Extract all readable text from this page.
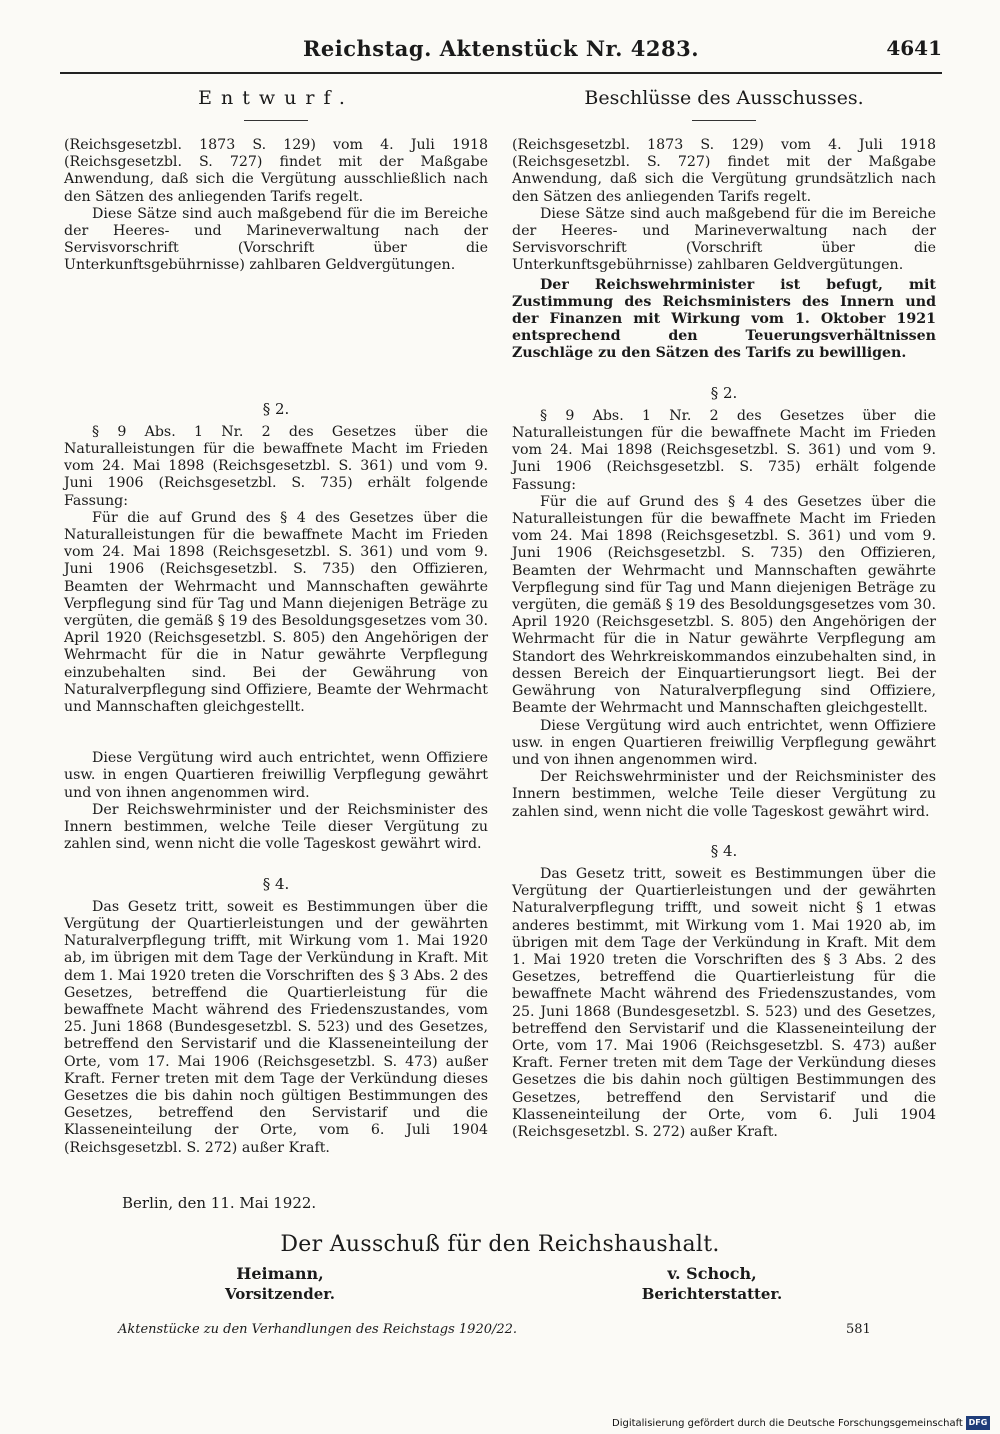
Reichstag. Aktenstück Nr. 4283.	4641
Entwurf.

(Reichsgesetzbl. 1873 S. 129) vom 4. Juli 1918 (Reichsgesetzbl. S. 727) findet mit der Maßgabe Anwendung, daß sich die Vergütung ausschließlich nach den Sätzen des anliegenden Tarifs regelt.

Diese Sätze sind auch maßgebend für die im Bereiche der Heeres- und Marineverwaltung nach der Servisvorschrift (Vorschrift über die Unterkunftsgebührnisse) zahlbaren Geldvergütungen.

§ 2.

§ 9 Abs. 1 Nr. 2 des Gesetzes über die Naturalleistungen für die bewaffnete Macht im Frieden vom 24. Mai 1898 (Reichsgesetzbl. S. 361) und vom 9. Juni 1906 (Reichsgesetzbl. S. 735) erhält folgende Fassung:

Für die auf Grund des § 4 des Gesetzes über die Naturalleistungen für die bewaffnete Macht im Frieden vom 24. Mai 1898 (Reichsgesetzbl. S. 361) und vom 9. Juni 1906 (Reichsgesetzbl. S. 735) den Offizieren, Beamten der Wehrmacht und Mannschaften gewährte Verpflegung sind für Tag und Mann diejenigen Beträge zu vergüten, die gemäß § 19 des Besoldungsgesetzes vom 30. April 1920 (Reichsgesetzbl. S. 805) den Angehörigen der Wehrmacht für die in Natur gewährte Verpflegung einzubehalten sind. Bei der Gewährung von Naturalverpflegung sind Offiziere, Beamte der Wehrmacht und Mannschaften gleichgestellt.

Diese Vergütung wird auch entrichtet, wenn Offiziere usw. in engen Quartieren freiwillig Verpflegung gewährt und von ihnen angenommen wird.

Der Reichswehrminister und der Reichsminister des Innern bestimmen, welche Teile dieser Vergütung zu zahlen sind, wenn nicht die volle Tageskost gewährt wird.

§ 4.

Das Gesetz tritt, soweit es Bestimmungen über die Vergütung der Quartierleistungen und der gewährten Naturalverpflegung trifft, mit Wirkung vom 1. Mai 1920 ab, im übrigen mit dem Tage der Verkündung in Kraft. Mit dem 1. Mai 1920 treten die Vorschriften des § 3 Abs. 2 des Gesetzes, betreffend die Quartierleistung für die bewaffnete Macht während des Friedenszustandes, vom 25. Juni 1868 (Bundesgesetzbl. S. 523) und des Gesetzes, betreffend den Servistarif und die Klasseneinteilung der Orte, vom 17. Mai 1906 (Reichsgesetzbl. S. 473) außer Kraft. Ferner treten mit dem Tage der Verkündung dieses Gesetzes die bis dahin noch gültigen Bestimmungen des Gesetzes, betreffend den Servistarif und die Klasseneinteilung der Orte, vom 6. Juli 1904 (Reichsgesetzbl. S. 272) außer Kraft.

Beschlüsse des Ausschusses.

(Reichsgesetzbl. 1873 S. 129) vom 4. Juli 1918 (Reichsgesetzbl. S. 727) findet mit der Maßgabe Anwendung, daß sich die Vergütung grundsätzlich nach den Sätzen des anliegenden Tarifs regelt.

Diese Sätze sind auch maßgebend für die im Bereiche der Heeres- und Marineverwaltung nach der Servisvorschrift (Vorschrift über die Unterkunftsgebührnisse) zahlbaren Geldvergütungen.

Der Reichswehrminister ist befugt, mit Zustimmung des Reichsministers des Innern und der Finanzen mit Wirkung vom 1. Oktober 1921 entsprechend den Teuerungsverhältnissen Zuschläge zu den Sätzen des Tarifs zu bewilligen.

§ 2.

§ 9 Abs. 1 Nr. 2 des Gesetzes über die Naturalleistungen für die bewaffnete Macht im Frieden vom 24. Mai 1898 (Reichsgesetzbl. S. 361) und vom 9. Juni 1906 (Reichsgesetzbl. S. 735) erhält folgende Fassung:

Für die auf Grund des § 4 des Gesetzes über die Naturalleistungen für die bewaffnete Macht im Frieden vom 24. Mai 1898 (Reichsgesetzbl. S. 361) und vom 9. Juni 1906 (Reichsgesetzbl. S. 735) den Offizieren, Beamten der Wehrmacht und Mannschaften gewährte Verpflegung sind für Tag und Mann diejenigen Beträge zu vergüten, die gemäß § 19 des Besoldungsgesetzes vom 30. April 1920 (Reichsgesetzbl. S. 805) den Angehörigen der Wehrmacht für die in Natur gewährte Verpflegung am Standort des Wehrkreiskommandos einzubehalten sind, in dessen Bereich der Einquartierungsort liegt. Bei der Gewährung von Naturalverpflegung sind Offiziere, Beamte der Wehrmacht und Mannschaften gleichgestellt.

Diese Vergütung wird auch entrichtet, wenn Offiziere usw. in engen Quartieren freiwillig Verpflegung gewährt und von ihnen angenommen wird.

Der Reichswehrminister und der Reichsminister des Innern bestimmen, welche Teile dieser Vergütung zu zahlen sind, wenn nicht die volle Tageskost gewährt wird.

§ 4.

Das Gesetz tritt, soweit es Bestimmungen über die Vergütung der Quartierleistungen und der gewährten Naturalverpflegung trifft, und soweit nicht § 1 etwas anderes bestimmt, mit Wirkung vom 1. Mai 1920 ab, im übrigen mit dem Tage der Verkündung in Kraft. Mit dem 1. Mai 1920 treten die Vorschriften des § 3 Abs. 2 des Gesetzes, betreffend die Quartierleistung für die bewaffnete Macht während des Friedenszustandes, vom 25. Juni 1868 (Bundesgesetzbl. S. 523) und des Gesetzes, betreffend den Servistarif und die Klasseneinteilung der Orte, vom 17. Mai 1906 (Reichsgesetzbl. S. 473) außer Kraft. Ferner treten mit dem Tage der Verkündung dieses Gesetzes die bis dahin noch gültigen Bestimmungen des Gesetzes, betreffend den Servistarif und die Klasseneinteilung der Orte, vom 6. Juli 1904 (Reichsgesetzbl. S. 272) außer Kraft.

Berlin, den 11. Mai 1922.
Der Ausschuß für den Reichshaushalt.
Heimann,
Vorsitzender.
v. Schoch,
Berichterstatter.
Aktenstücke zu den Verhandlungen des Reichstags 1920/22.	581
Digitalisierung gefördert durch die Deutsche Forschungsgemeinschaft DFG
